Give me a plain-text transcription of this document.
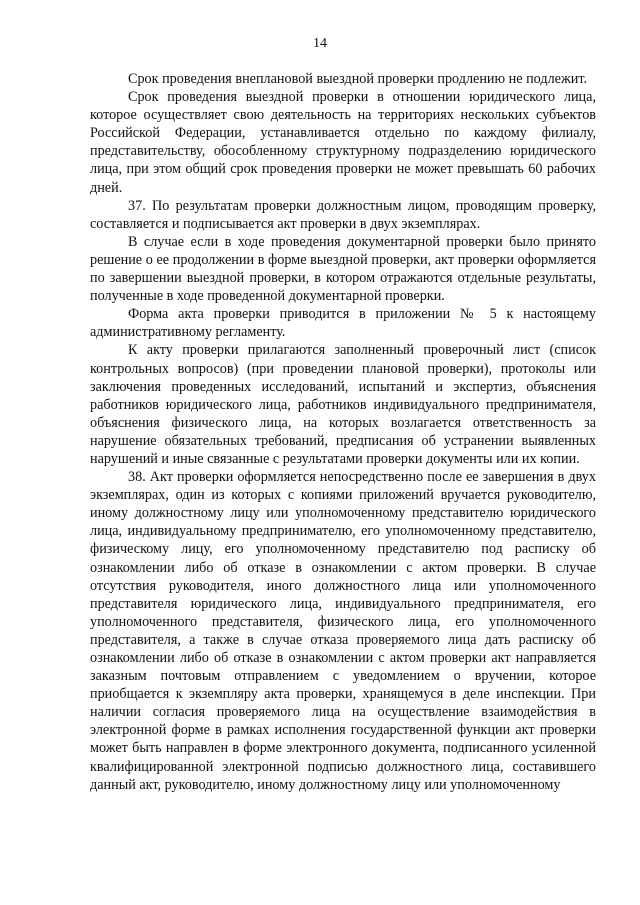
14

Срок проведения внеплановой выездной проверки продлению не подлежит.

Срок проведения выездной проверки в отношении юридического лица, которое осуществляет свою деятельность на территориях нескольких субъектов Российской Федерации, устанавливается отдельно по каждому филиалу, представительству, обособленному структурному подразделению юридического лица, при этом общий срок проведения проверки не может превышать 60 рабочих дней.

37. По результатам проверки должностным лицом, проводящим проверку, составляется и подписывается акт проверки в двух экземплярах.

В случае если в ходе проведения документарной проверки было принято решение о ее продолжении в форме выездной проверки, акт проверки оформляется по завершении выездной проверки, в котором отражаются отдельные результаты, полученные в ходе проведенной документарной проверки.

Форма акта проверки приводится в приложении № 5 к настоящему административному регламенту.

К акту проверки прилагаются заполненный проверочный лист (список контрольных вопросов) (при проведении плановой проверки), протоколы или заключения проведенных исследований, испытаний и экспертиз, объяснения работников юридического лица, работников индивидуального предпринимателя, объяснения физического лица, на которых возлагается ответственность за нарушение обязательных требований, предписания об устранении выявленных нарушений и иные связанные с результатами проверки документы или их копии.

38. Акт проверки оформляется непосредственно после ее завершения в двух экземплярах, один из которых с копиями приложений вручается руководителю, иному должностному лицу или уполномоченному представителю юридического лица, индивидуальному предпринимателю, его уполномоченному представителю, физическому лицу, его уполномоченному представителю под расписку об ознакомлении либо об отказе в ознакомлении с актом проверки. В случае отсутствия руководителя, иного должностного лица или уполномоченного представителя юридического лица, индивидуального предпринимателя, его уполномоченного представителя, физического лица, его уполномоченного представителя, а также в случае отказа проверяемого лица дать расписку об ознакомлении либо об отказе в ознакомлении с актом проверки акт направляется заказным почтовым отправлением с уведомлением о вручении, которое приобщается к экземпляру акта проверки, хранящемуся в деле инспекции. При наличии согласия проверяемого лица на осуществление взаимодействия в электронной форме в рамках исполнения государственной функции акт проверки может быть направлен в форме электронного документа, подписанного усиленной квалифицированной электронной подписью должностного лица, составившего данный акт, руководителю, иному должностному лицу или уполномоченному
